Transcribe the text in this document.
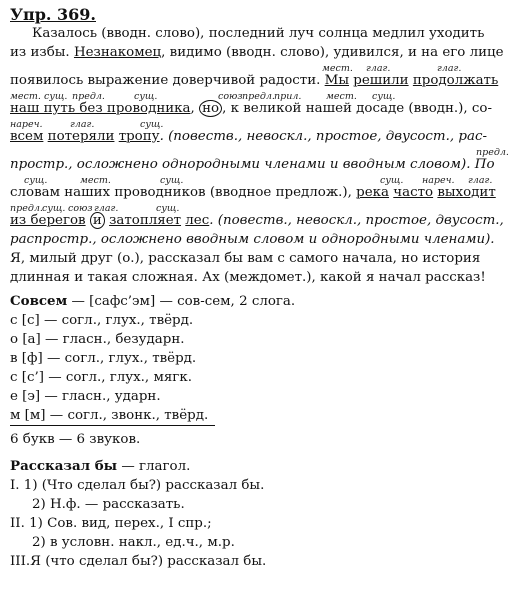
Упр. 369.
Казалось (вводн. слово), последний луч солнца медлил уходить
из избы. Незнакомец, видимо (вводн. слово), удивился, и на его лице
мест. глаг.	глаг.
появилось выражение доверчивой радости. Мы решили продолжать
мест. сущ. предл.	сущ.	союз предл. прил.	мест. сущ.
наш путь без проводника, но , к великой нашей досаде (вводн.), со-
нареч.	глаг.	сущ.
всем потеряли тропу. (повеств., невоскл., простое, двусост., рас-
предл.
простр., осложнено однородными членами и вводным словом). По
сущ.	мест.	сущ.	сущ. нареч. глаг.
словам наших проводников (вводное предлож.), река часто выходит
предл. сущ. союз глаг.	сущ.
из берегов и затопляет лес. (повеств., невоскл., простое, двусост.,
распростр., осложнено вводным словом и однородными членами).
Я, милый друг (о.), рассказал бы вам с самого начала, но история
длинная и такая сложная. Ах (междомет.), какой я начал рассказ!
Совсем — [сафс’эм] — сов-сем, 2 слога.
с [с] — согл., глух., твёрд.
о [а] — гласн., безударн.
в [ф] — согл., глух., твёрд.
с [с’] — согл., глух., мягк.
е [э] — гласн., ударн.
м [м] — согл., звонк., твёрд.
6 букв — 6 звуков.
Рассказал бы — глагол.
I. 1) (Что сделал бы?) рассказал бы.
2) Н.ф. — рассказать.
II. 1) Сов. вид, перех., I спр.;
2) в условн. накл., ед.ч., м.р.
III.Я (что сделал бы?) рассказал бы.
